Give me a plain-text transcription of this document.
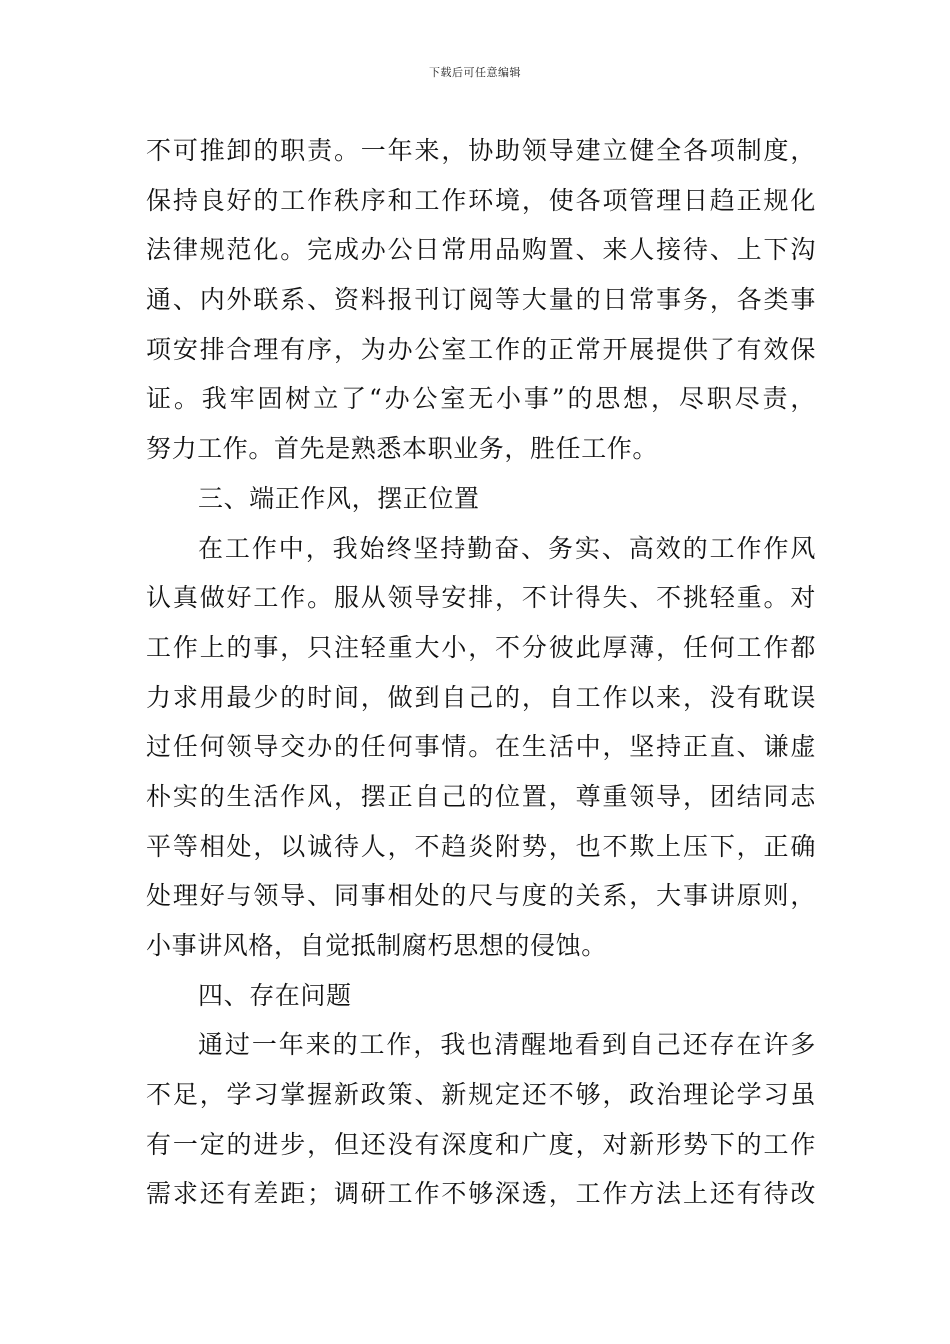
下载后可任意编辑
不可推卸的职责。一年来，协助领导建立健全各项制度，
保持良好的工作秩序和工作环境，使各项管理日趋正规化
法律规范化。完成办公日常用品购置、来人接待、上下沟
通、内外联系、资料报刊订阅等大量的日常事务，各类事
项安排合理有序，为办公室工作的正常开展提供了有效保
证。我牢固树立了“办公室无小事”的思想，尽职尽责，
努力工作。首先是熟悉本职业务，胜任工作。
三、端正作风，摆正位置
在工作中，我始终坚持勤奋、务实、高效的工作作风
认真做好工作。服从领导安排，不计得失、不挑轻重。对
工作上的事，只注轻重大小，不分彼此厚薄，任何工作都
力求用最少的时间，做到自己的，自工作以来，没有耽误
过任何领导交办的任何事情。在生活中，坚持正直、谦虚
朴实的生活作风，摆正自己的位置，尊重领导，团结同志
平等相处，以诚待人，不趋炎附势，也不欺上压下，正确
处理好与领导、同事相处的尺与度的关系，大事讲原则，
小事讲风格，自觉抵制腐朽思想的侵蚀。
四、存在问题
通过一年来的工作，我也清醒地看到自己还存在许多
不足，学习掌握新政策、新规定还不够，政治理论学习虽
有一定的进步，但还没有深度和广度，对新形势下的工作
需求还有差距；调研工作不够深透，工作方法上还有待改
